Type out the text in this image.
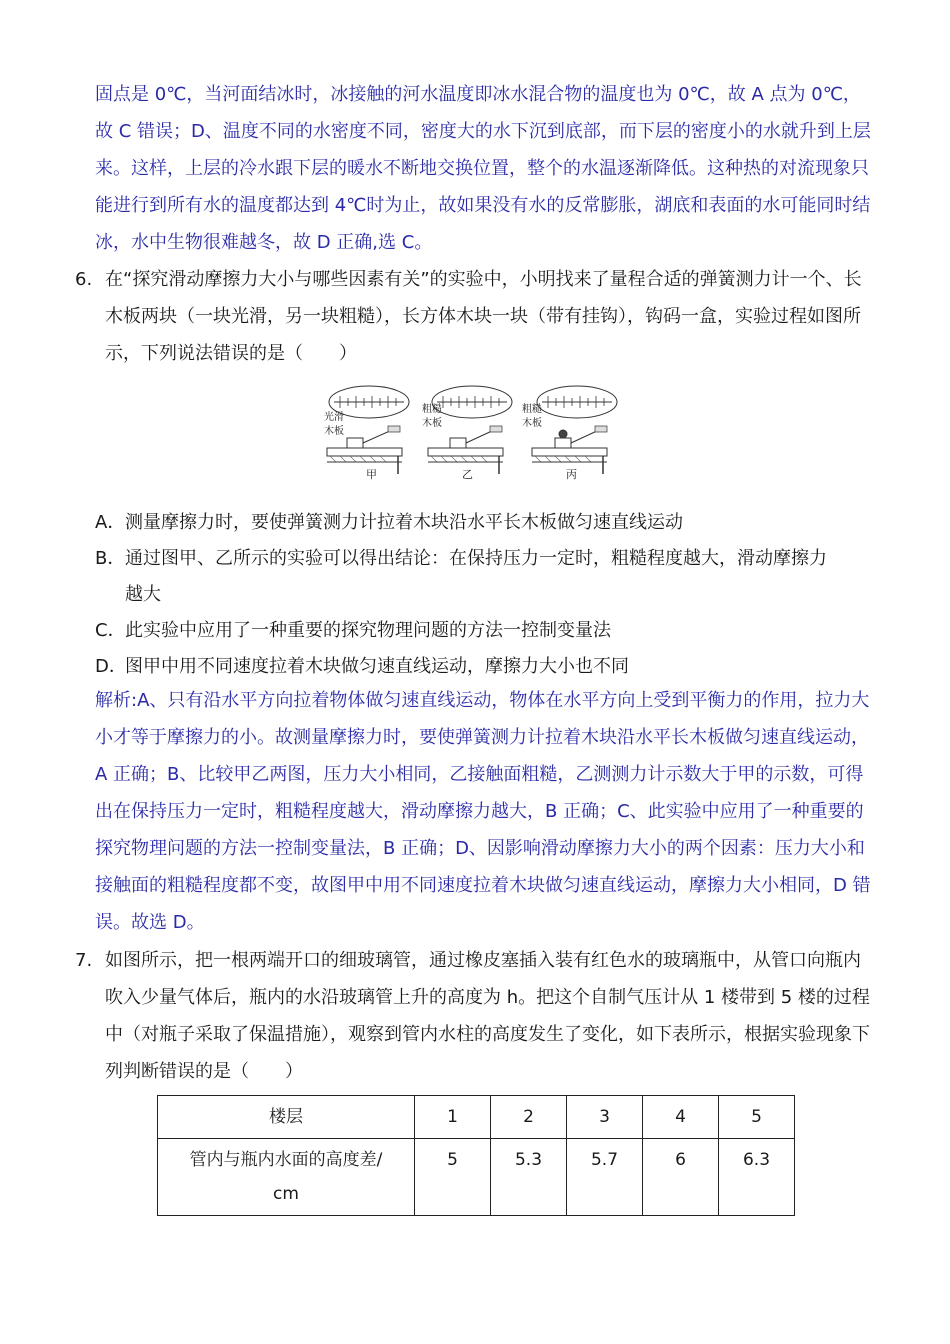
固点是 0℃，当河面结冰时，冰接触的河水温度即冰水混合物的温度也为 0℃，故 A 点为 0℃，故 C 错误；D、温度不同的水密度不同，密度大的水下沉到底部，而下层的密度小的水就升到上层来。这样，上层的冷水跟下层的暖水不断地交换位置，整个的水温逐渐降低。这种热的对流现象只能进行到所有水的温度都达到 4℃时为止，故如果没有水的反常膨胀，湖底和表面的水可能同时结冰，水中生物很难越冬，故 D 正确,选 C。
6. 在“探究滑动摩擦力大小与哪些因素有关”的实验中，小明找来了量程合适的弹簧测力计一个、长木板两块（一块光滑，另一块粗糙），长方体木块一块（带有挂钩），钩码一盒，实验过程如图所示，下列说法错误的是（　　）
光滑
木板
甲
粗糙
木板
乙
粗糙
木板
丙
A．测量摩擦力时，要使弹簧测力计拉着木块沿水平长木板做匀速直线运动
B．通过图甲、乙所示的实验可以得出结论：在保持压力一定时，粗糙程度越大，滑动摩擦力
越大
C．此实验中应用了一种重要的探究物理问题的方法一控制变量法
D．图甲中用不同速度拉着木块做匀速直线运动，摩擦力大小也不同
解析:A、只有沿水平方向拉着物体做匀速直线运动，物体在水平方向上受到平衡力的作用，拉力大小才等于摩擦力的小。故测量摩擦力时，要使弹簧测力计拉着木块沿水平长木板做匀速直线运动，A 正确；B、比较甲乙两图，压力大小相同，乙接触面粗糙，乙测测力计示数大于甲的示数，可得出在保持压力一定时，粗糙程度越大，滑动摩擦力越大，B 正确；C、此实验中应用了一种重要的探究物理问题的方法一控制变量法，B 正确；D、因影响滑动摩擦力大小的两个因素：压力大小和接触面的粗糙程度都不变，故图甲中用不同速度拉着木块做匀速直线运动，摩擦力大小相同，D 错误。故选 D。
7. 如图所示，把一根两端开口的细玻璃管，通过橡皮塞插入装有红色水的玻璃瓶中，从管口向瓶内吹入少量气体后，瓶内的水沿玻璃管上升的高度为 h。把这个自制气压计从 1 楼带到 5 楼的过程中（对瓶子采取了保温措施），观察到管内水柱的高度发生了变化，如下表所示，根据实验现象下列判断错误的是（　　）
楼层	1	2	3	4	5

管内与瓶内水面的高度差/
cm	5	5.3	5.7	6	6.3
